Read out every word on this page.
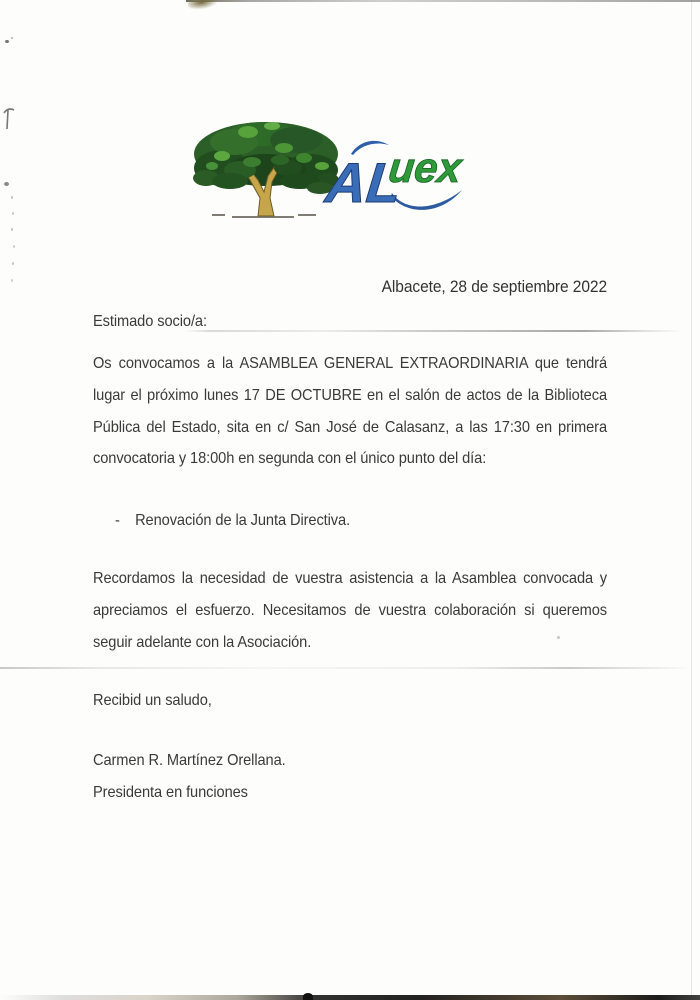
AL
uex
Albacete, 28 de septiembre 2022
Estimado socio/a:
Os convocamos a la ASAMBLEA GENERAL EXTRAORDINARIA que tendrá
lugar el próximo lunes 17 DE OCTUBRE en el salón de actos de la Biblioteca
Pública del Estado, sita en c/ San José de Calasanz, a las 17:30 en primera
convocatoria y 18:00h en segunda con el único punto del día:
- Renovación de la Junta Directiva.
Recordamos la necesidad de vuestra asistencia a la Asamblea convocada y
apreciamos el esfuerzo. Necesitamos de vuestra colaboración si queremos
seguir adelante con la Asociación.
Recibid un saludo,
Carmen R. Martínez Orellana.
Presidenta en funciones
